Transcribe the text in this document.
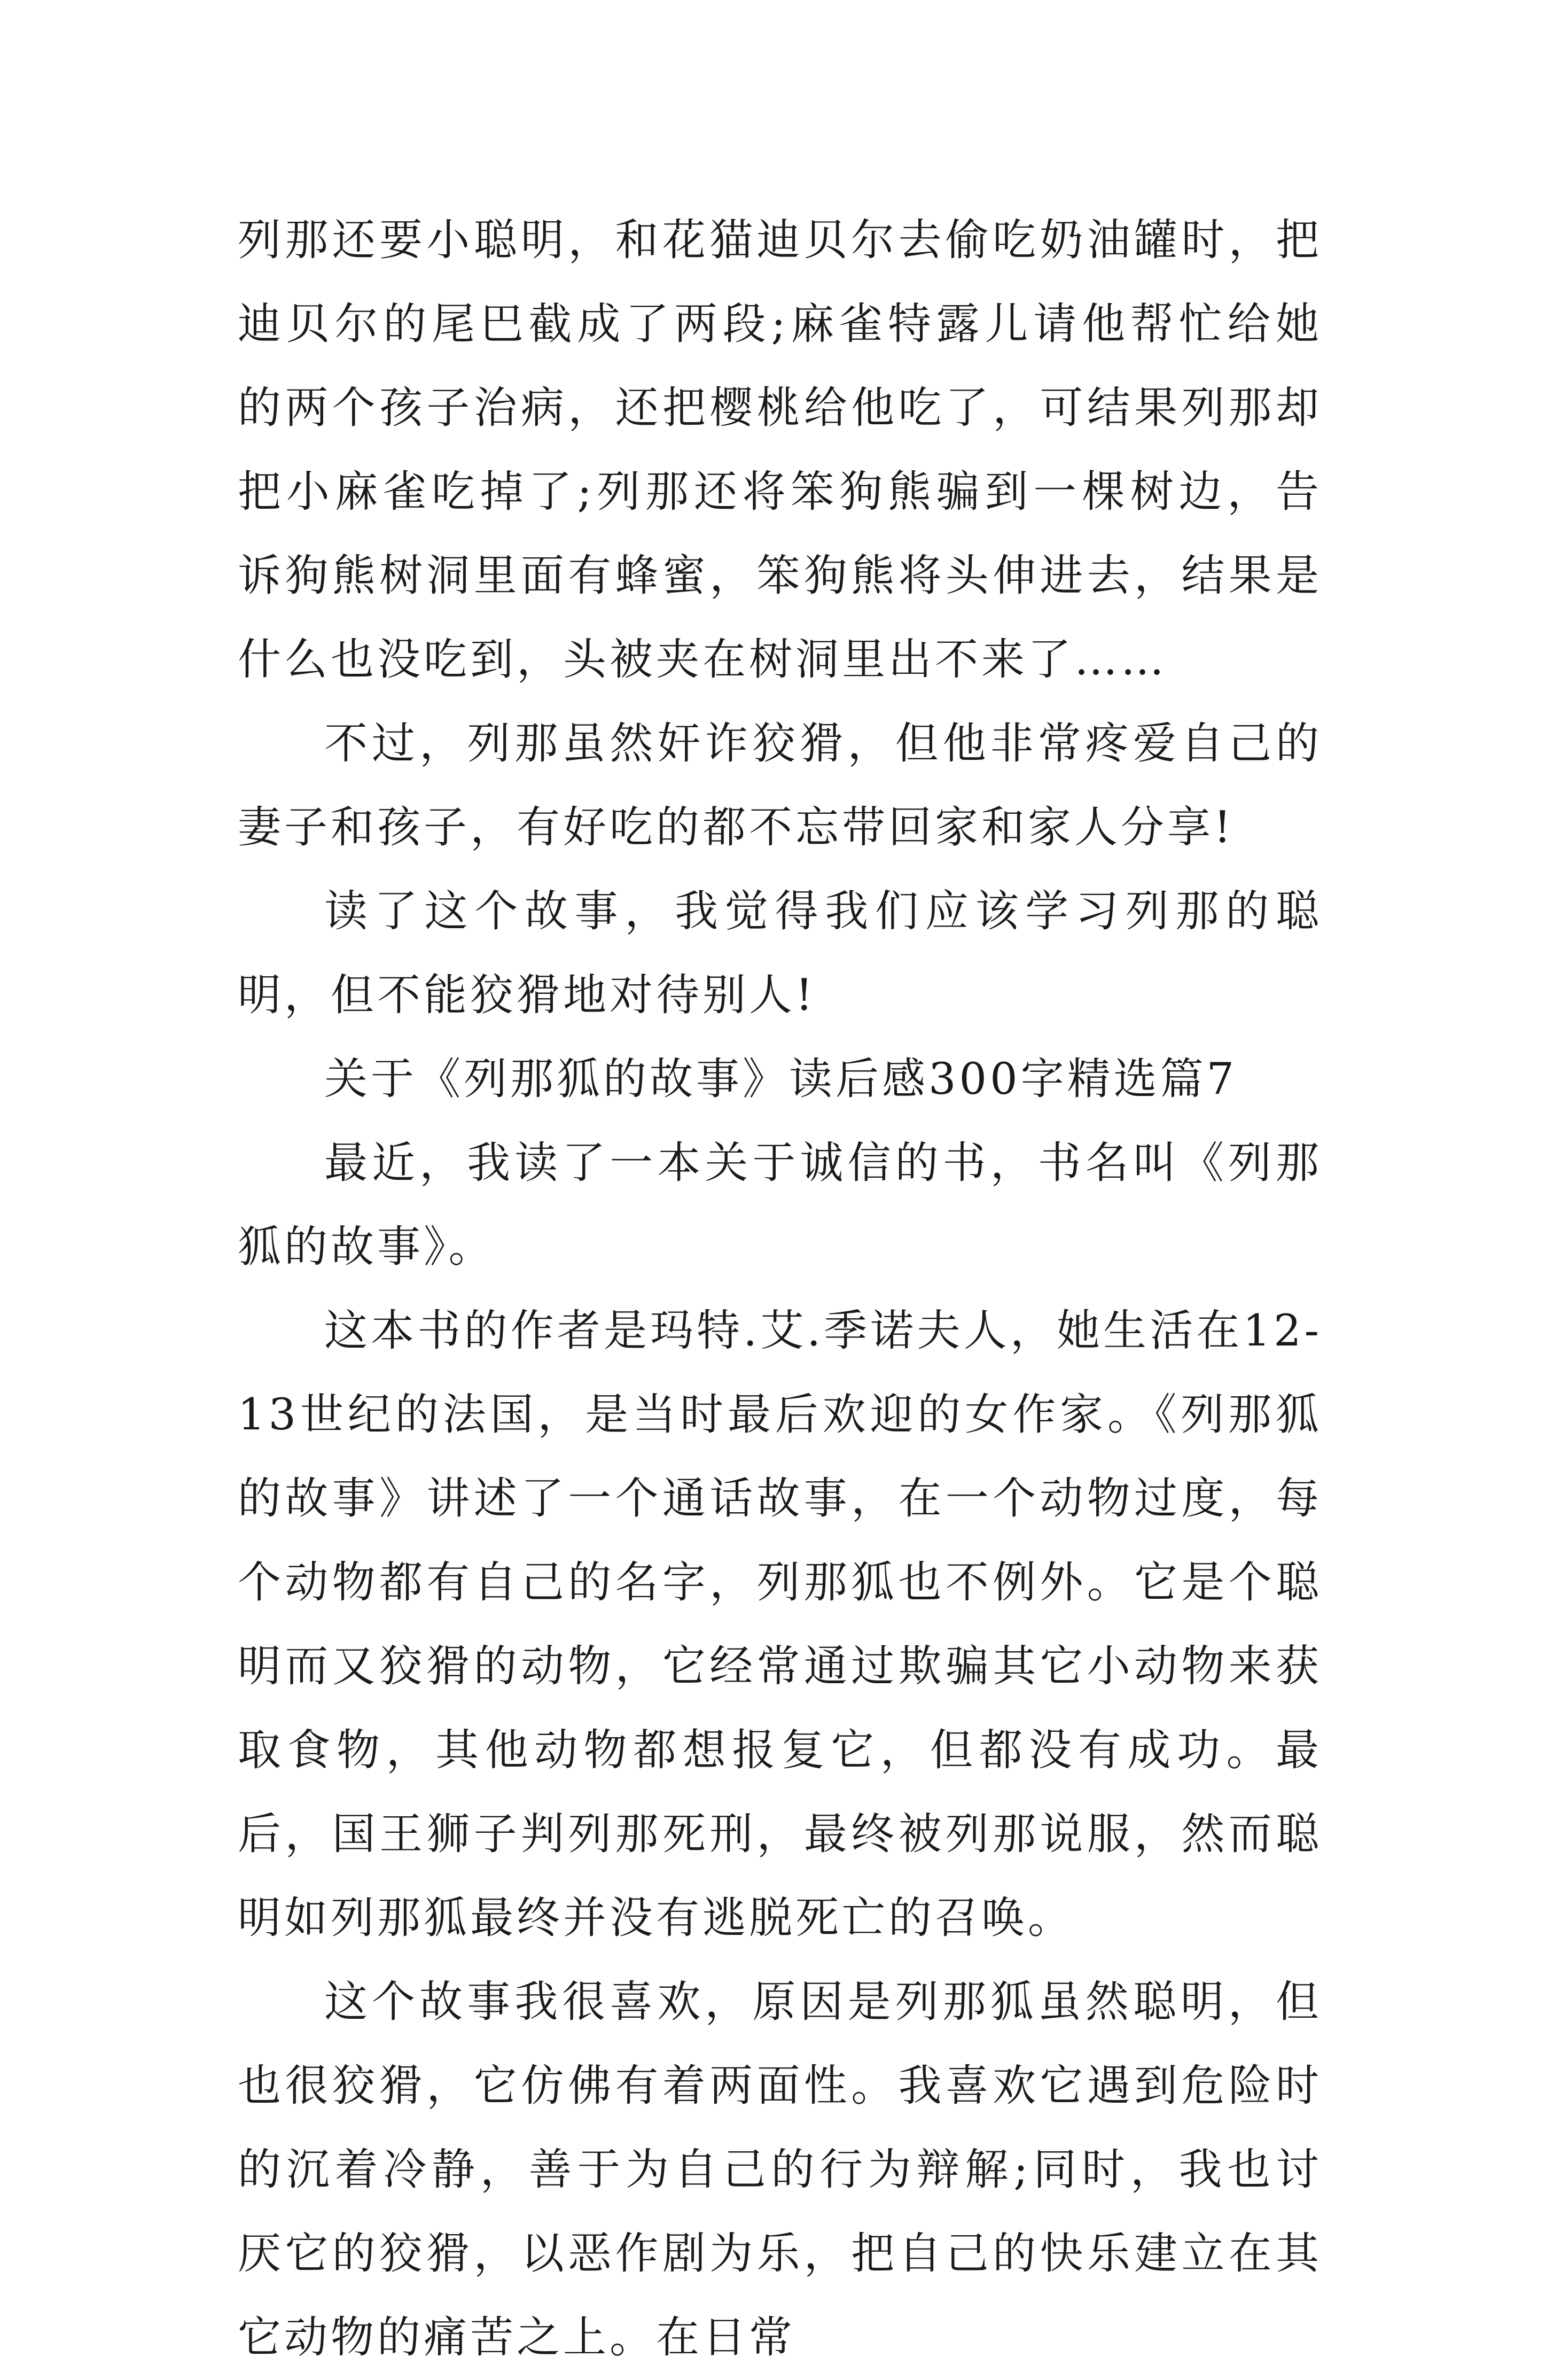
列那还要小聪明，和花猫迪贝尔去偷吃奶油罐时，把迪贝尔的尾巴截成了两段;麻雀特露儿请他帮忙给她的两个孩子治病，还把樱桃给他吃了，可结果列那却把小麻雀吃掉了;列那还将笨狗熊骗到一棵树边，告诉狗熊树洞里面有蜂蜜，笨狗熊将头伸进去，结果是什么也没吃到，头被夹在树洞里出不来了……

不过，列那虽然奸诈狡猾，但他非常疼爱自己的妻子和孩子，有好吃的都不忘带回家和家人分享!

读了这个故事，我觉得我们应该学习列那的聪明，但不能狡猾地对待别人!

关于《列那狐的故事》读后感300字精选篇7

最近，我读了一本关于诚信的书，书名叫《列那狐的故事》。

这本书的作者是玛特.艾.季诺夫人，她生活在12-13世纪的法国，是当时最后欢迎的女作家。《列那狐的故事》讲述了一个通话故事，在一个动物过度，每个动物都有自己的名字，列那狐也不例外。它是个聪明而又狡猾的动物，它经常通过欺骗其它小动物来获取食物，其他动物都想报复它，但都没有成功。最后，国王狮子判列那死刑，最终被列那说服，然而聪明如列那狐最终并没有逃脱死亡的召唤。

这个故事我很喜欢，原因是列那狐虽然聪明，但也很狡猾，它仿佛有着两面性。我喜欢它遇到危险时的沉着冷静，善于为自己的行为辩解;同时，我也讨厌它的狡猾，以恶作剧为乐，把自己的快乐建立在其它动物的痛苦之上。在日常
